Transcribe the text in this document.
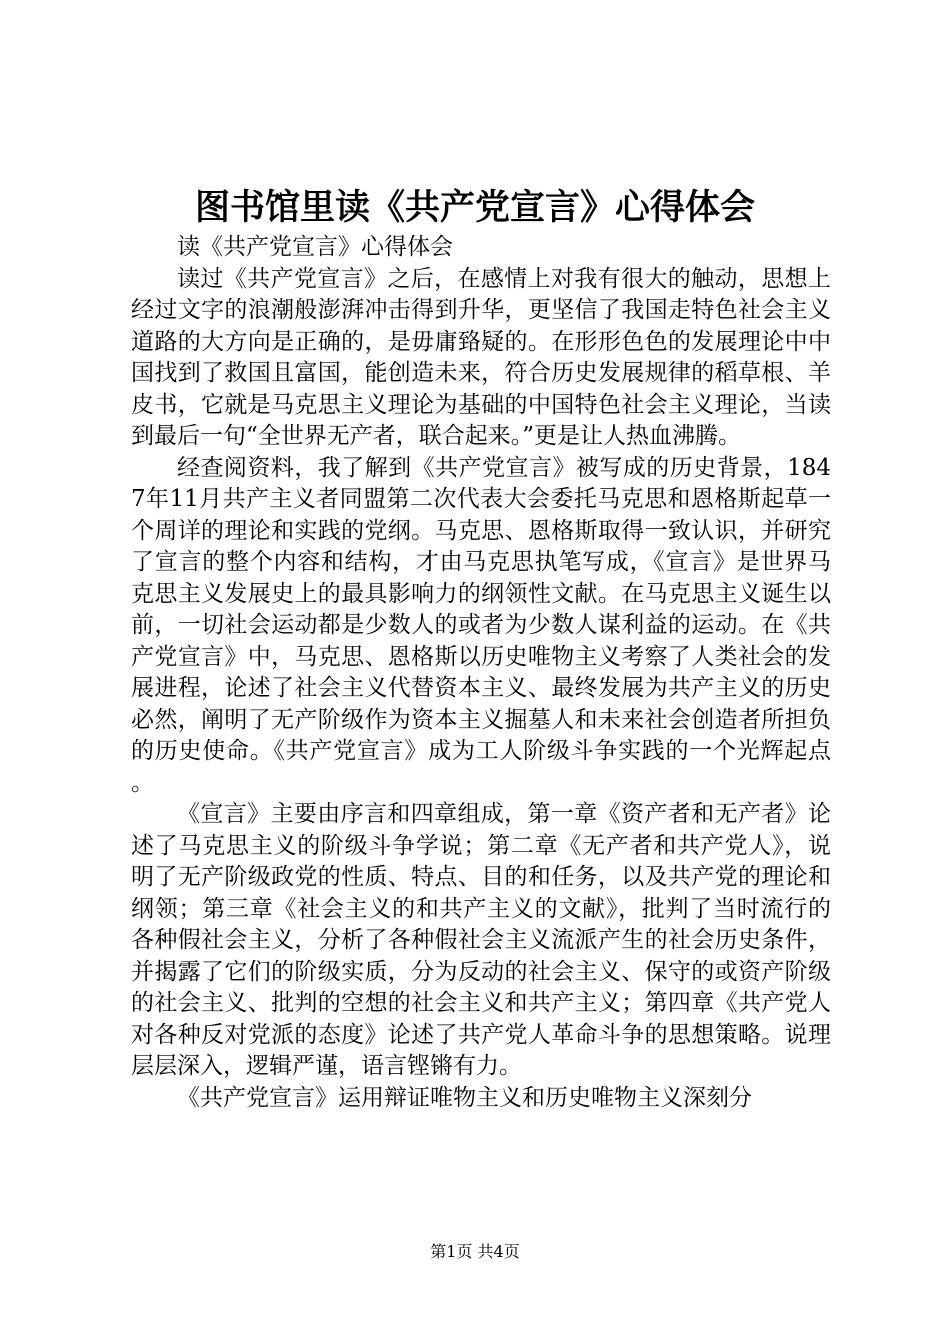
图书馆里读《共产党宣言》心得体会

读《共产党宣言》心得体会

读过《共产党宣言》之后，在感情上对我有很大的触动，思想上经过文字的浪潮般澎湃冲击得到升华，更坚信了我国走特色社会主义道路的大方向是正确的，是毋庸臵疑的。在形形色色的发展理论中中国找到了救国且富国，能创造未来，符合历史发展规律的稻草根、羊皮书，它就是马克思主义理论为基础的中国特色社会主义理论，当读到最后一句“全世界无产者，联合起来。”更是让人热血沸腾。

经查阅资料，我了解到《共产党宣言》被写成的历史背景，1847年11月共产主义者同盟第二次代表大会委托马克思和恩格斯起草一个周详的理论和实践的党纲。马克思、恩格斯取得一致认识，并研究了宣言的整个内容和结构，才由马克思执笔写成，《宣言》是世界马克思主义发展史上的最具影响力的纲领性文献。在马克思主义诞生以前，一切社会运动都是少数人的或者为少数人谋利益的运动。在《共产党宣言》中，马克思、恩格斯以历史唯物主义考察了人类社会的发展进程，论述了社会主义代替资本主义、最终发展为共产主义的历史必然，阐明了无产阶级作为资本主义掘墓人和未来社会创造者所担负的历史使命。《共产党宣言》成为工人阶级斗争实践的一个光辉起点。

《宣言》主要由序言和四章组成，第一章《资产者和无产者》论述了马克思主义的阶级斗争学说；第二章《无产者和共产党人》，说明了无产阶级政党的性质、特点、目的和任务，以及共产党的理论和纲领；第三章《社会主义的和共产主义的文献》，批判了当时流行的各种假社会主义，分析了各种假社会主义流派产生的社会历史条件，并揭露了它们的阶级实质，分为反动的社会主义、保守的或资产阶级的社会主义、批判的空想的社会主义和共产主义；第四章《共产党人对各种反对党派的态度》论述了共产党人革命斗争的思想策略。说理层层深入，逻辑严谨，语言铿锵有力。

《共产党宣言》运用辩证唯物主义和历史唯物主义深刻分

第1页 共4页
